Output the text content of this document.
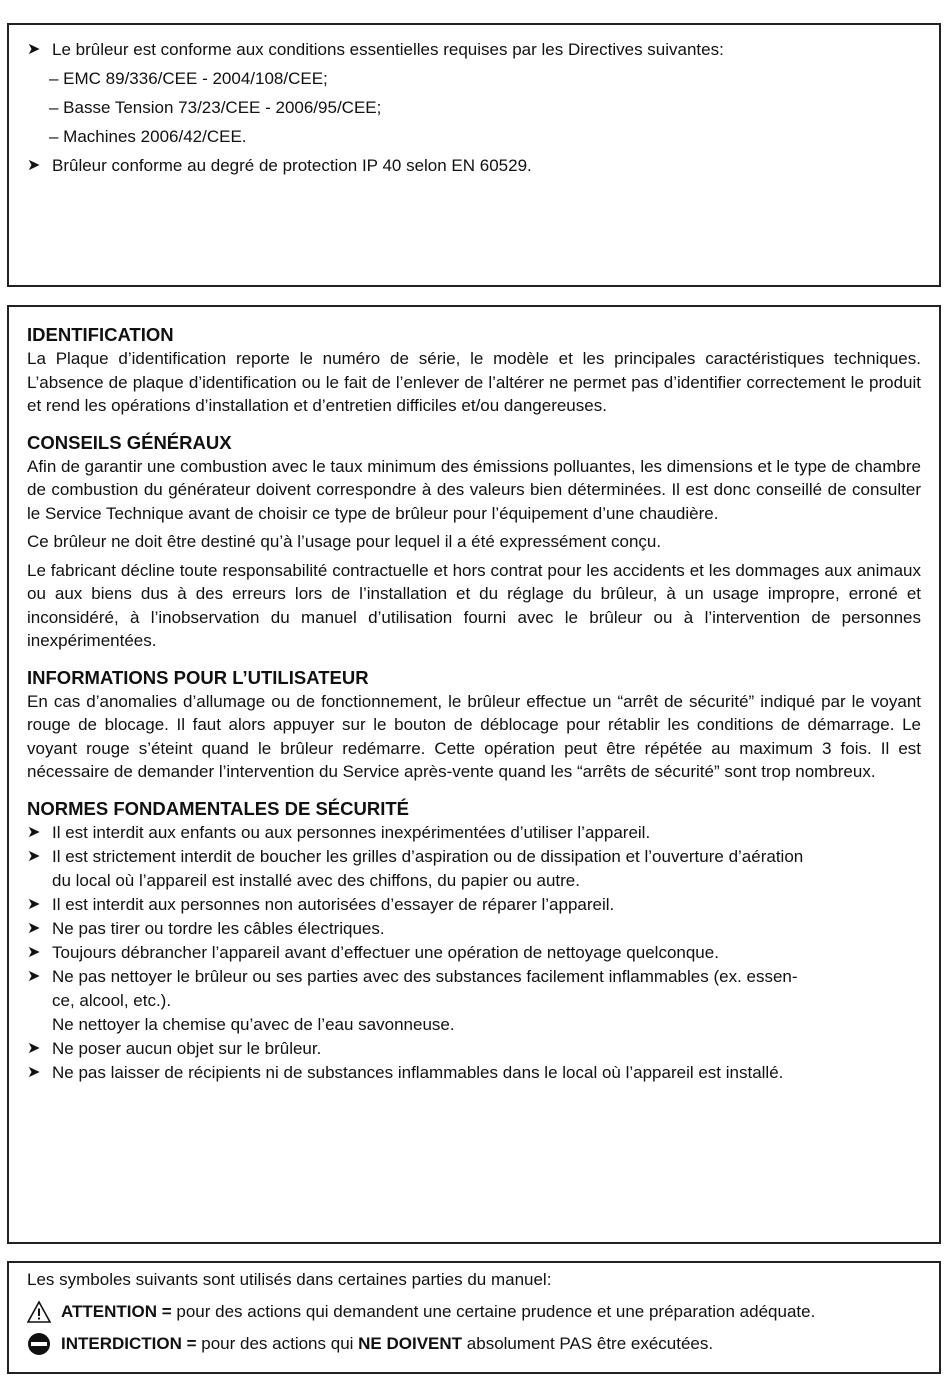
➤ Le brûleur est conforme aux conditions essentielles requises par les Directives suivantes:
– EMC 89/336/CEE - 2004/108/CEE;
– Basse Tension 73/23/CEE - 2006/95/CEE;
– Machines 2006/42/CEE.
➤ Brûleur conforme au degré de protection IP 40 selon EN 60529.
IDENTIFICATION

La Plaque d’identification reporte le numéro de série, le modèle et les principales caractéristiques techniques. L’absence de plaque d’identification ou le fait de l’enlever de l’altérer ne permet pas d’identifier correctement le produit et rend les opérations d’installation et d’entretien difficiles et/ou dangereuses.

CONSEILS GÉNÉRAUX

Afin de garantir une combustion avec le taux minimum des émissions polluantes, les dimensions et le type de chambre de combustion du générateur doivent correspondre à des valeurs bien déterminées. Il est donc conseillé de consulter le Service Technique avant de choisir ce type de brûleur pour l’équipement d’une chaudière.

Ce brûleur ne doit être destiné qu’à l’usage pour lequel il a été expressément conçu.

Le fabricant décline toute responsabilité contractuelle et hors contrat pour les accidents et les dommages aux animaux ou aux biens dus à des erreurs lors de l’installation et du réglage du brûleur, à un usage impropre, erroné et inconsidéré, à l’inobservation du manuel d’utilisation fourni avec le brûleur ou à l’intervention de personnes inexpérimentées.

INFORMATIONS POUR L’UTILISATEUR

En cas d’anomalies d’allumage ou de fonctionnement, le brûleur effectue un “arrêt de sécurité” indiqué par le voyant rouge de blocage. Il faut alors appuyer sur le bouton de déblocage pour rétablir les conditions de démarrage. Le voyant rouge s’éteint quand le brûleur redémarre. Cette opération peut être répétée au maximum 3 fois. Il est nécessaire de demander l’intervention du Service après-vente quand les “arrêts de sécurité” sont trop nombreux.

NORMES FONDAMENTALES DE SÉCURITÉ
➤ Il est interdit aux enfants ou aux personnes inexpérimentées d’utiliser l’appareil.
➤ Il est strictement interdit de boucher les grilles d’aspiration ou de dissipation et l’ouverture d’aération
du local où l’appareil est installé avec des chiffons, du papier ou autre.
➤ Il est interdit aux personnes non autorisées d’essayer de réparer l’appareil.
➤ Ne pas tirer ou tordre les câbles électriques.
➤ Toujours débrancher l’appareil avant d’effectuer une opération de nettoyage quelconque.
➤ Ne pas nettoyer le brûleur ou ses parties avec des substances facilement inflammables (ex. essen-
ce, alcool, etc.).
Ne nettoyer la chemise qu’avec de l’eau savonneuse.
➤ Ne poser aucun objet sur le brûleur.
➤ Ne pas laisser de récipients ni de substances inflammables dans le local où l’appareil est installé.
Les symboles suivants sont utilisés dans certaines parties du manuel:
ATTENTION = pour des actions qui demandent une certaine prudence et une préparation adéquate.
INTERDICTION = pour des actions qui NE DOIVENT absolument PAS être exécutées.
